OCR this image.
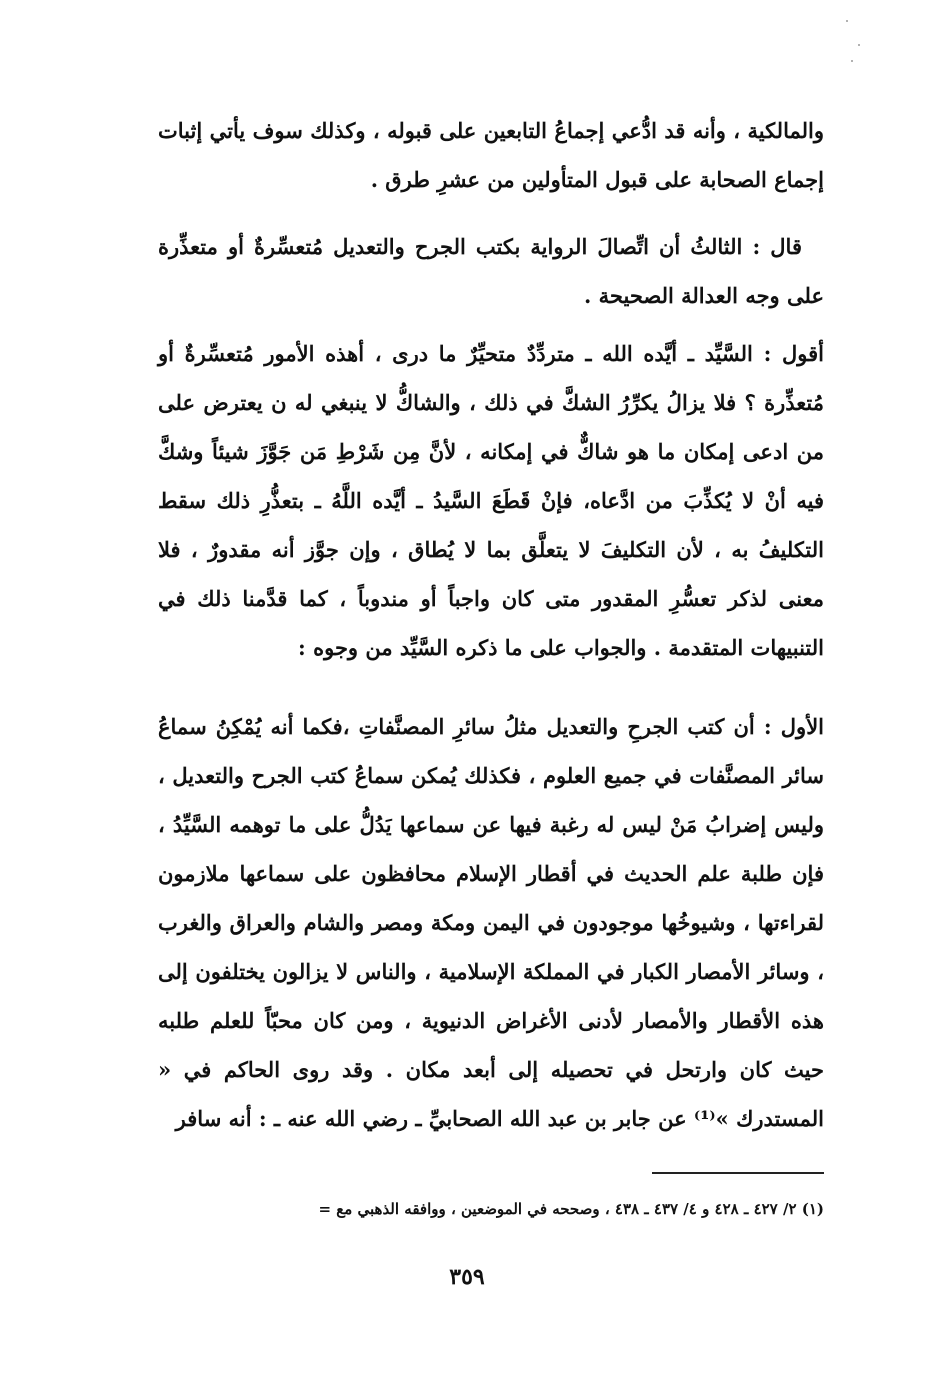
والمالكية ، وأنه قد ادُّعي إجماعُ التابعين على قبوله ، وكذلك سوف يأتي إثبات إجماع الصحابة على قبول المتأولين من عشرِ طرق .

قال : الثالثُ أن اتِّصالَ الرواية بكتب الجرح والتعديل مُتعسِّرةٌ أو متعذِّرة على وجه العدالة الصحيحة .

أقول : السَّيِّد ـ أيَّده الله ـ متردِّدٌ متحيِّرٌ ما درى ، أهذه الأمور مُتعسِّرةٌ أو مُتعذِّرة ؟ فلا يزالُ يكرِّرُ الشكَّ في ذلك ، والشاكُّ لا ينبغي له ن يعترض على من ادعى إمكان ما هو شاكٌّ في إمكانه ، لأنَّ مِن شَرْطِ مَن جَوَّزَ شيئاً وشكَّ فيه أنْ لا يُكذِّبَ من ادَّعاه، فإنْ قَطَعَ السَّيدُ ـ أيَّده اللَّهُ ـ بتعذُّرِ ذلك سقط التكليفُ به ، لأن التكليفَ لا يتعلَّق بما لا يُطاق ، وإن جوَّز أنه مقدورٌ ، فلا معنى لذكر تعسُّرِ المقدور متى كان واجباً أو مندوباً ، كما قدَّمنا ذلك في التنبيهات المتقدمة . والجواب على ما ذكره السَّيِّد من وجوه :

الأول : أن كتب الجرحِ والتعديل مثلُ سائرِ المصنَّفاتِ ،فكما أنه يُمْكِنُ سماعُ سائر المصنَّفات في جميع العلوم ، فكذلك يُمكن سماعُ كتب الجرح والتعديل ، وليس إضرابُ مَنْ ليس له رغبة فيها عن سماعها يَدُلُّ على ما توهمه السَّيِّدُ ، فإن طلبة علم الحديث في أقطار الإسلام محافظون على سماعها ملازمون لقراءتها ، وشيوخُها موجودون في اليمن ومكة ومصر والشام والعراق والغرب ، وسائر الأمصار الكبار في المملكة الإسلامية ، والناس لا يزالون يختلفون إلى هذه الأقطار والأمصار لأدنى الأغراض الدنيوية ، ومن كان محبّاً للعلم طلبه حيث كان وارتحل في تحصيله إلى أبعد مكان . وقد روى الحاكم في « المستدرك »⁽¹⁾ عن جابر بن عبد الله الصحابيِّ ـ رضي الله عنه ـ : أنه سافر

(١) ٢/ ٤٢٧ ـ ٤٢٨ و ٤/ ٤٣٧ ـ ٤٣٨ ، وصححه في الموضعين ، ووافقه الذهبي مع =

٣٥٩
